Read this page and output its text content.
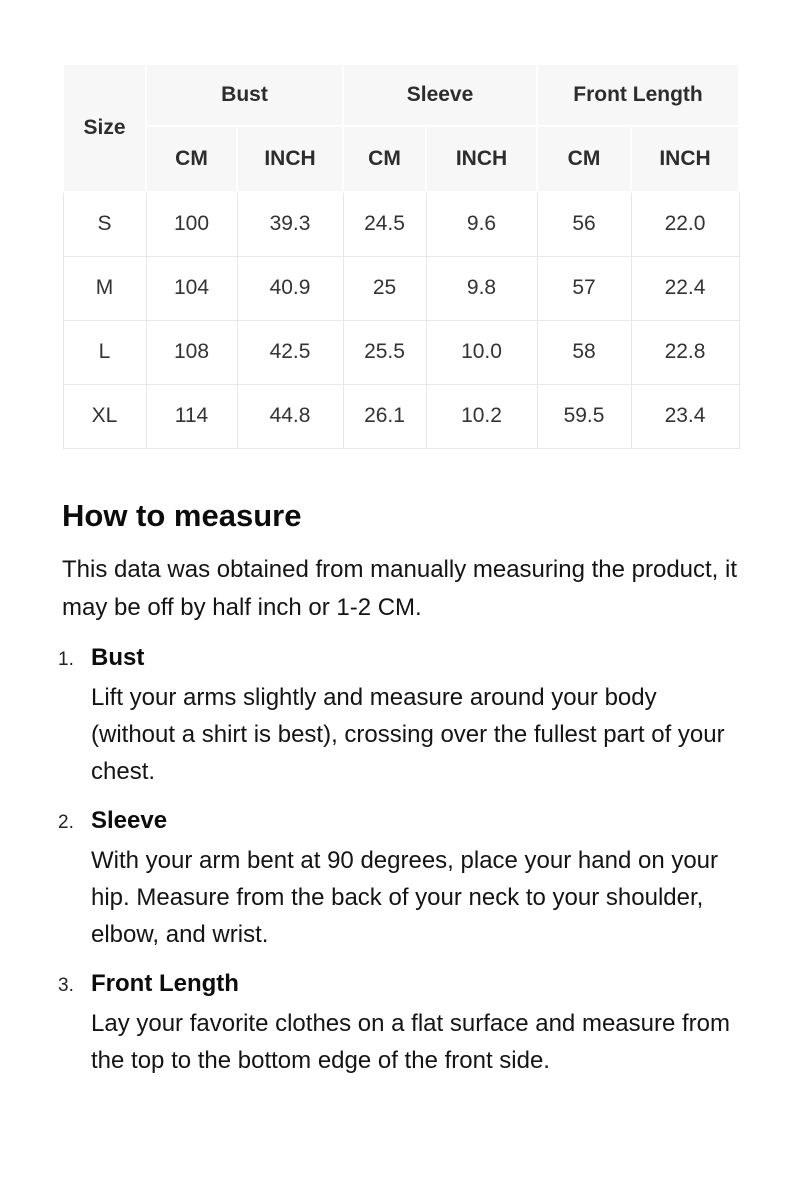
Size	Bust		Sleeve		Front Length	
	CM	INCH	CM	INCH	CM	INCH
S	100	39.3	24.5	9.6	56	22.0
M	104	40.9	25	9.8	57	22.4
L	108	42.5	25.5	10.0	58	22.8
XL	114	44.8	26.1	10.2	59.5	23.4
How to measure

This data was obtained from manually measuring the product, it may be off by half inch or 1-2 CM.

1. Bust

Lift your arms slightly and measure around your body (without a shirt is best), crossing over the fullest part of your chest.

2. Sleeve

With your arm bent at 90 degrees, place your hand on your hip. Measure from the back of your neck to your shoulder, elbow, and wrist.

3. Front Length

Lay your favorite clothes on a flat surface and measure from the top to the bottom edge of the front side.
